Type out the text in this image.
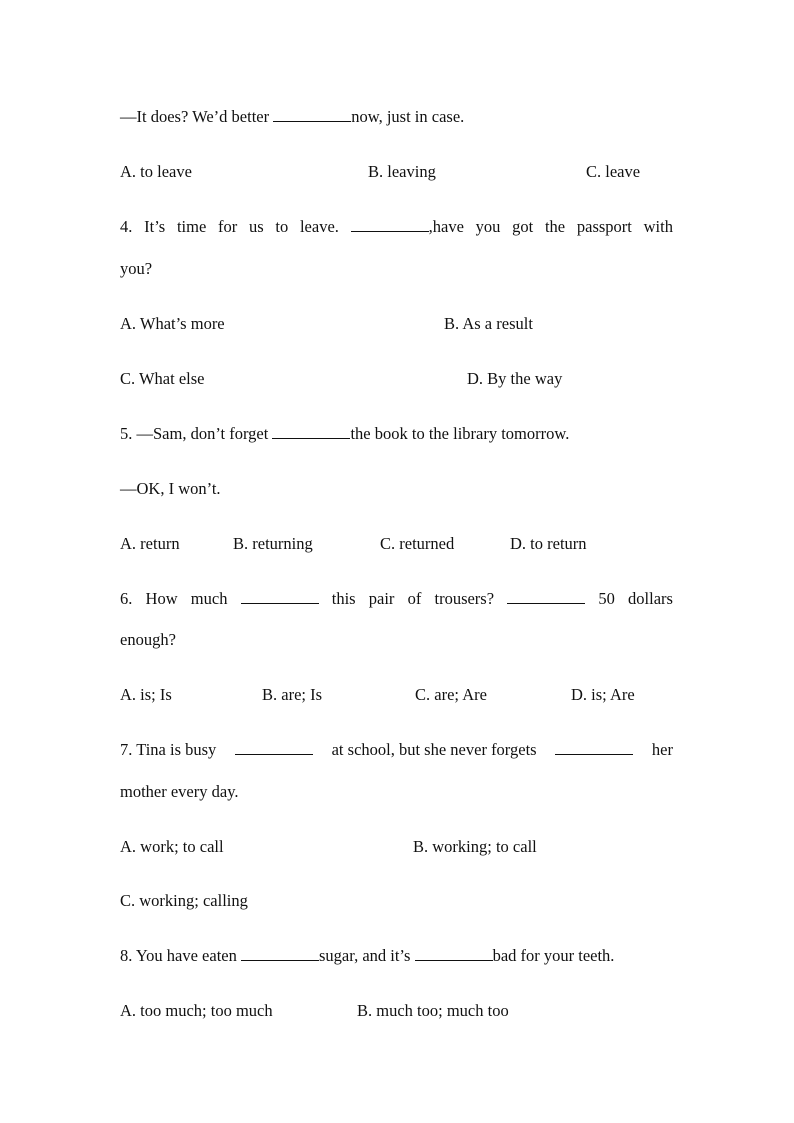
—It does? We’d better	now, just in case.
A. to leave	B. leaving	C. leave
4. It’s time for us to leave.	,have you got the passport with
you?
A. What’s more	B. As a result
C. What else	D. By the way
5. —Sam, don’t forget	the book to the library tomorrow.
—OK, I won’t.
A. return	B. returning	C. returned	D. to return
6. How much	this pair of trousers?	50 dollars
enough?
A. is; Is	B. are; Is	C. are; Are	D. is; Are
7. Tina is busy	at school, but she never forgets	her
mother every day.
A. work; to call	B. working; to call
C. working; calling
8. You have eaten	sugar, and it’s	bad for your teeth.
A. too much; too much	B. much too; much too
